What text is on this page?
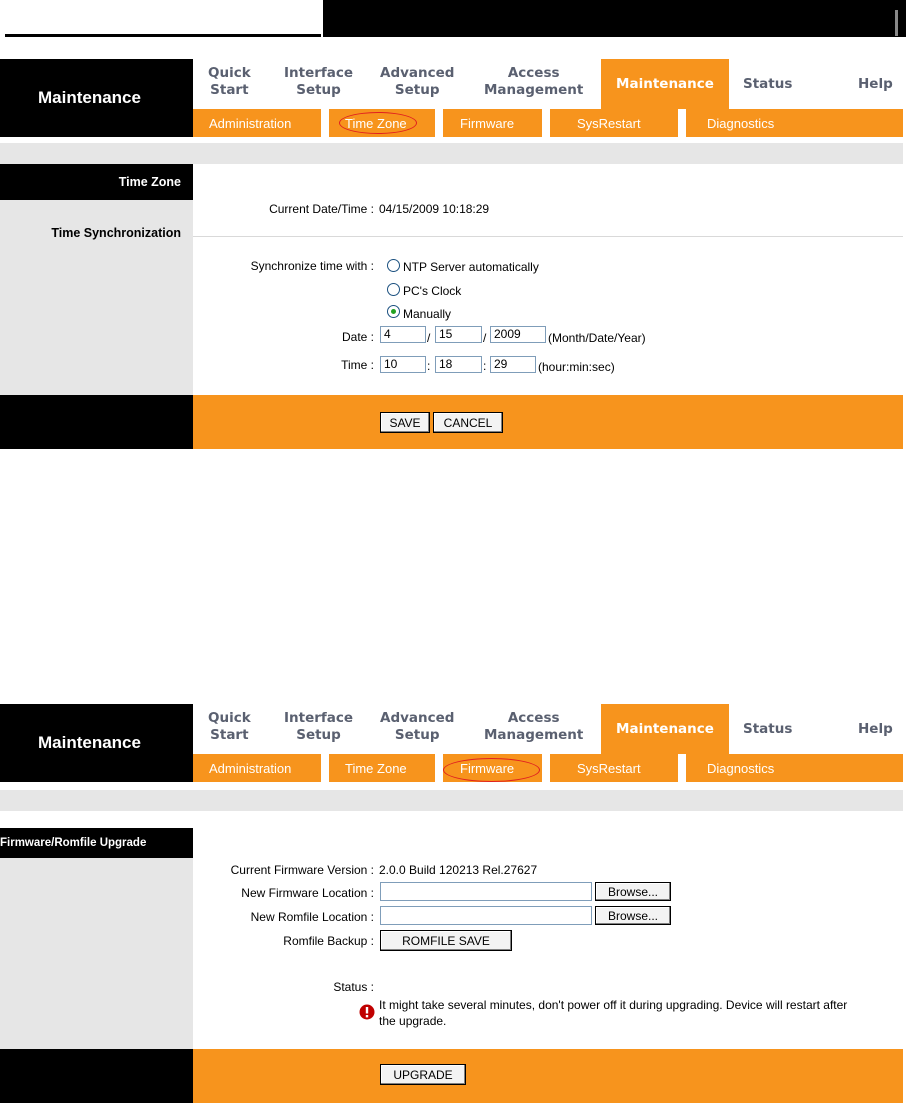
Maintenance
Quick
Start
Interface
Setup
Advanced
Setup
Access
Management	Maintenance	Status	Help
Administration	Time Zone	Firmware	SysRestart	Diagnostics
Time Zone
Time Synchronization
Current Date/Time : 04/15/2009 10:18:29
Synchronize time with : NTP Server automatically
PC's Clock
Manually
Date : 4	/ 15	/ 2009	(Month/Date/Year)
Time : 10	: 18	: 29	(hour:min:sec)
SAVE	CANCEL
Maintenance
Quick
Start
Interface
Setup
Advanced
Setup
Access
Management	Maintenance	Status	Help
Administration	Time Zone	Firmware	SysRestart	Diagnostics
Firmware/Romfile Upgrade
Current Firmware Version : 2.0.0 Build 120213 Rel.27627
New Firmware Location :	Browse...
New Romfile Location :	Browse...
Romfile Backup :	ROMFILE SAVE
Status :
It might take several minutes, don't power off it during upgrading. Device will restart after
the upgrade.
UPGRADE
